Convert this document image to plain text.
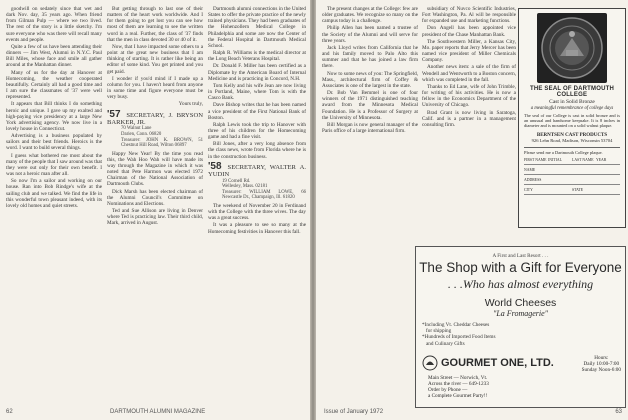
goodwill on sedately since that wet and dark Nov. day, 35 years ago. When friend from Gilman Pulp — where we two lived. The rest of the story is a little sketchy. I'm sure everyone who was there will recall many events and people.

Quite a few of us have been attending their dinners — Jim West, Alumni in N.Y.C. Paul Bill Miles, whose face and smile all gather around at the Manhattan dinner.

Many of us for the day at Hanover at Homecoming, the weather cooperated beautifully. Certainly all had a good time and I am sure the classmates of '37 were well represented.

It appears that Bill thinks I do something heroic and unique. I gave up my exalted and high-paying vice presidency at a large New York advertising agency. We now live in a lovely house in Connecticut.

Advertising is a business populated by sailors and their best friends. Heroics is the word. I want to build several things.

I guess what bothered me most about the many of the people that I saw around was that they were out only for their own benefit. I was not a heroic man after all.

So now I'm a sailor and working on our house. Ran into Bob Rindge's wife at the sailing club and we talked. We find the life in this wonderful town pleasant indeed, with its lovely old homes and quiet streets.

But getting through to last one of their matters of the heart work worldwide. And I for them going to get lost you can see how most of them are learning to see the written word in a real. Further, the class of '37 finds that the men in class devoted 30 or 40 of it.

Now, that I have impacted some others to a point at the great new business that I am thinking of starting. It is rather like being an editor of some kind. You get printed and you get paid.

I wonder if you'd mind if I made up a column for you. I haven't heard from anyone in some time and figure everyone must be very busy.

Yours truly,

'57 SECRETARY, J. BRYSON BARKER, JR.
70 Walnut Lane
Darien, Conn. 06820
Treasurer: JOHN K. BROWN, 51 Chestnut Hill Road, Wilton 06897

Happy New Year! By the time you read this, the Wah Hoo Wah will have made its way through the Magazine in which it was noted that Pete Harmon was elected 1972 Chairman of the National Association of Dartmouth Clubs.

Dick Marsh has been elected chairman of the Alumni Council's Committee on Nominations and Elections.

Ted and Sue Allison are living in Denver where Ted is practicing law. Their third child, Mark, arrived in August.

Dartmouth alumni connections in the United States to offer the private practice of the newly trained physicians. They had been graduates of the Hohenzollern Medical College in Philadelphia and some are now the Center of the Federal Hospital in Dartmouth Medical School.

Ralph R. Williams is the medical director at the Long Beach Veterans Hospital.

Dr. Donald F. Miller has been certified as a Diplomate by the American Board of Internal Medicine and is practicing in Concord, N.H.

Tom Kelly and his wife Jean are now living in Portland, Maine, where Tom is with the Casco Bank.

Dave Bishop writes that he has been named a vice president of the First National Bank of Boston.

Ralph Lewis took the trip to Hanover with three of his children for the Homecoming game and had a fine visit.

Bill Jones, after a very long absence from the class news, wrote from Florida where he is in the construction business.

'58 SECRETARY, WALTER A. YUDIN
19 Cornell Rd.
Wellesley, Mass. 02181
Treasurer: WILLIAM LOWE, 66 Newcastle Dr., Champaign, Ill. 61820

The weekend of November 20 in Ferdinand with the College with the three wives. The day was a great success.

It was a pleasure to see so many at the Homecoming festivities in Hanover this fall.

62	DARTMOUTH ALUMNI MAGAZINE

The present changes at the College: few are older graduates. We recognize so many on the campus today is a challenge.

Philip Allen has been named a trustee of the Society of the Alumni and will serve for three years.

Jack Lloyd writes from California that he and his family moved to Palo Alto this summer and that he has joined a law firm there.

Now to some news of you: The Springfield, Mass., architectural firm of Coffey & Associates is one of the largest in the state.

Dr. Bob Van Bemmel is one of four winners of the 1971 distinguished teaching award from the Minnesota Medical Foundation. He is a Professor of Surgery at the University of Minnesota.

Bill Morgan is now general manager of the Paris office of a large international firm.

subsidiary of Nuvco Scientific Industries, Fort Washington, Pa. Al will be responsible for expanded use and marketing functions.

Don Angell has been appointed vice president of the Chase Manhattan Bank.

The Southwestern Miller, a Kansas City, Mo. paper reports that Jerry Mercer has been named vice president of Miller Chemicals Company.

Another news item: a sale of the firm of Wendell and Wentworth to a Boston concern, which was completed in the fall.

Thanks to Ed Lane, wife of John Trimble, for writing of his activities. He is now a fellow in the Economics Department of the University of Chicago.

Brad Grant is now living in Saratoga, Calif. and is a partner in a management consulting firm.

Issue of January 1972	63
THE SEAL OF DARTMOUTH COLLEGE
Cast in Solid Bronze
a meaningful remembrance of college days
The seal of our College is cast in solid bronze and is an unusual and handsome keepsake. It is 8 inches in diameter and is mounted on a solid walnut plaque.
BERNTSEN CAST PRODUCTS
926 Lehn Road, Madison, Wisconsin 53704
Please send me a Dartmouth College plaque.
FIRST NAME INITIAL	LAST NAME YEAR
NAME
ADDRESS
CITY	STATE
A First and Last Resort . . .
The Shop with a Gift for Everyone
. . .Who has almost everything
World Cheeses
"La Fromagerie"
*Including Vt. Cheddar Cheeses
for shipping
*Hundreds of Imported Food Items
and Culinary Gifts
GOURMET ONE, LTD.
Main Street — Norwich, Vt.
Across the river — 649-1233
Order by Phone —
a Complete Gourmet Party!!
Hours:
Daily 10:00-7:00
Sunday Noon-6:00
